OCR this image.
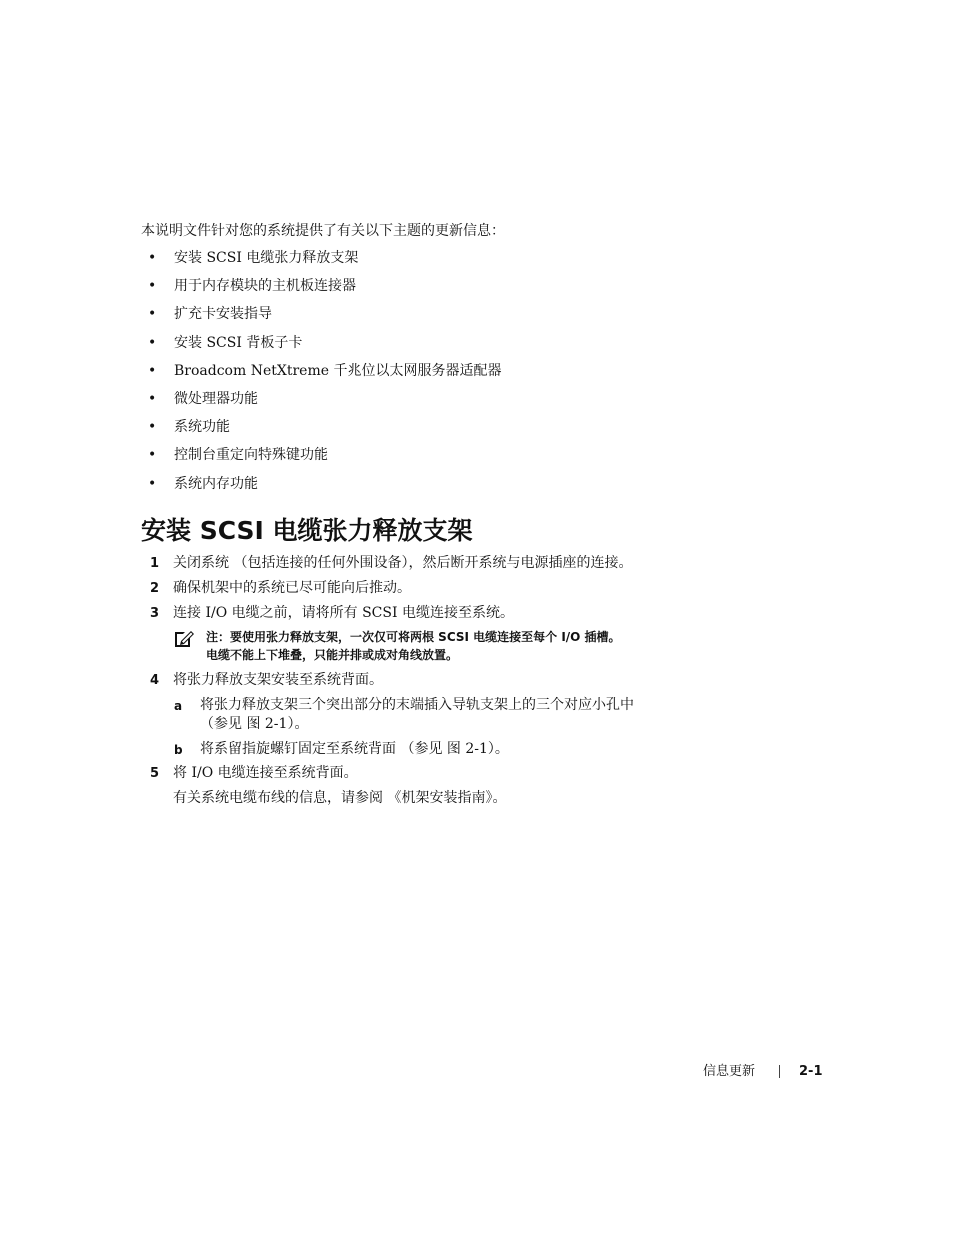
本说明文件针对您的系统提供了有关以下主题的更新信息：
• 安装 SCSI 电缆张力释放支架
• 用于内存模块的主机板连接器
• 扩充卡安装指导
• 安装 SCSI 背板子卡
• Broadcom NetXtreme 千兆位以太网服务器适配器
• 微处理器功能
• 系统功能
• 控制台重定向特殊键功能
• 系统内存功能
安装 SCSI 电缆张力释放支架
1 关闭系统 （包括连接的任何外围设备），然后断开系统与电源插座的连接。
2 确保机架中的系统已尽可能向后推动。
3 连接 I/O 电缆之前，请将所有 SCSI 电缆连接至系统。
注：要使用张力释放支架，一次仅可将两根 SCSI 电缆连接至每个 I/O 插槽。
电缆不能上下堆叠，只能并排或成对角线放置。
4 将张力释放支架安装至系统背面。
a 将张力释放支架三个突出部分的末端插入导轨支架上的三个对应小孔中
（参见 图 2-1）。
b 将系留指旋螺钉固定至系统背面 （参见 图 2-1）。
5 将 I/O 电缆连接至系统背面。
有关系统电缆布线的信息，请参阅 《机架安装指南》。
信息更新	2-1
